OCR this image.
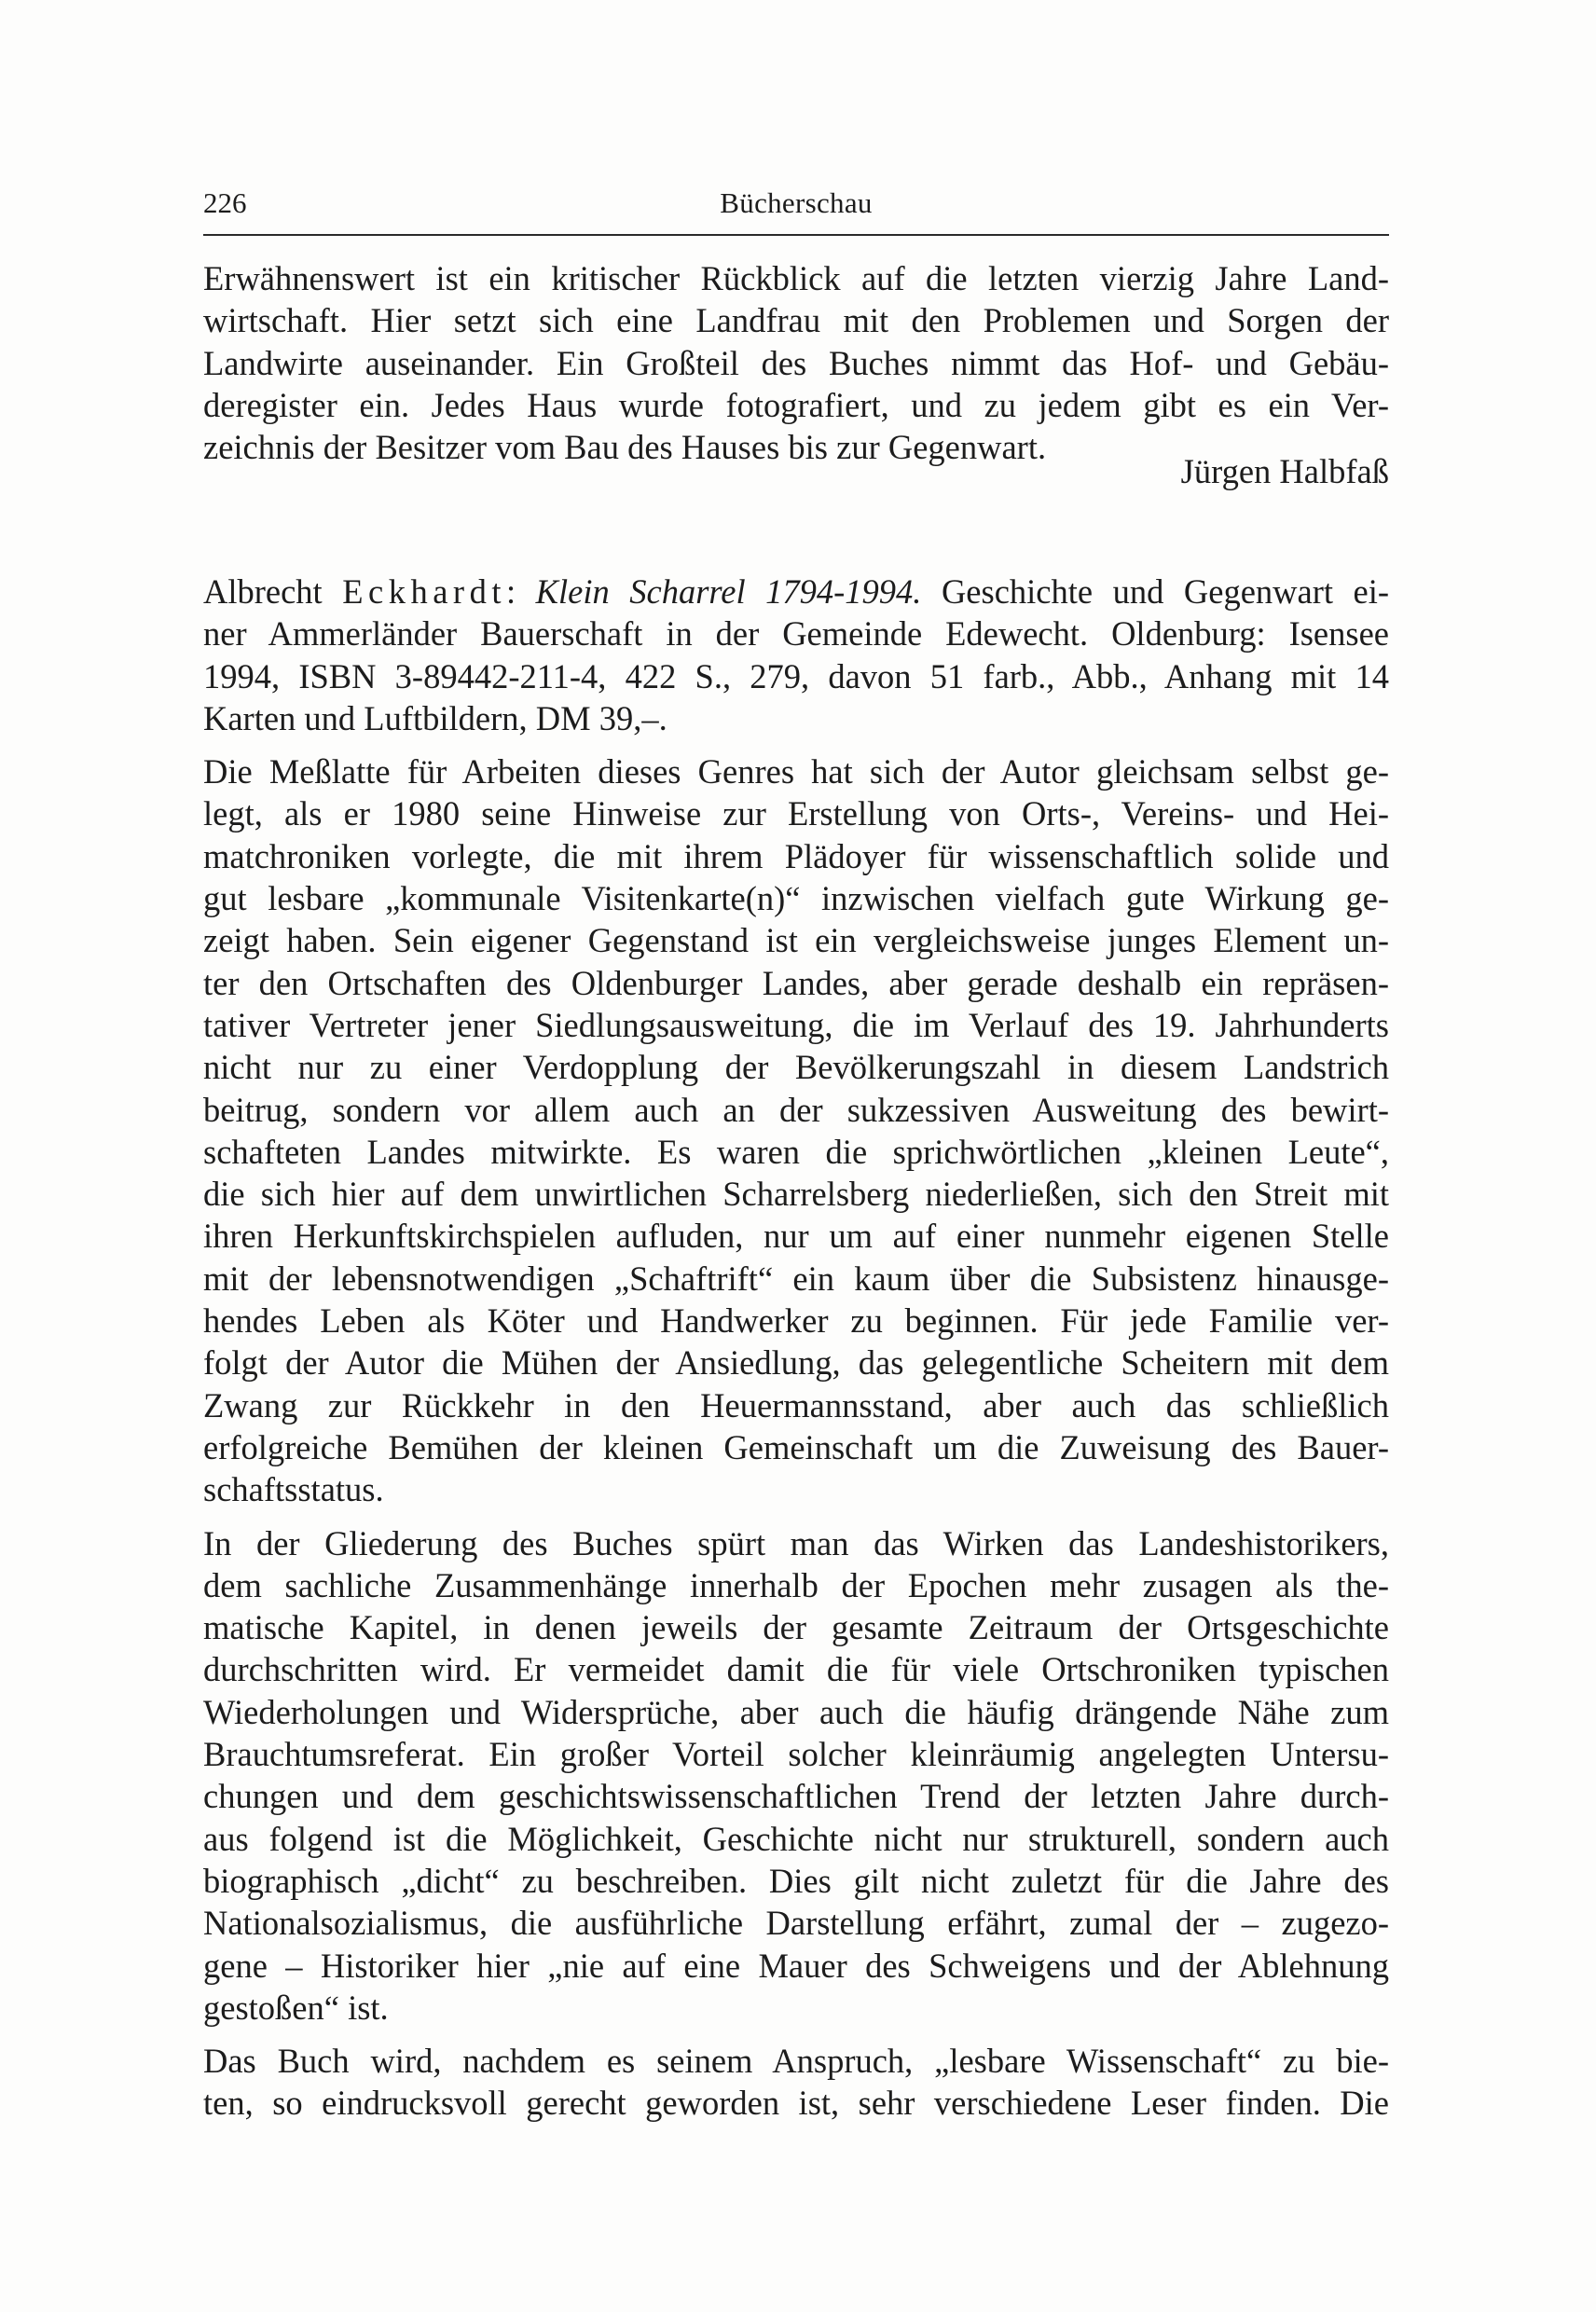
226	Bücherschau
Erwähnenswert ist ein kritischer Rückblick auf die letzten vierzig Jahre Land-
wirtschaft. Hier setzt sich eine Landfrau mit den Problemen und Sorgen der
Landwirte auseinander. Ein Großteil des Buches nimmt das Hof- und Gebäu-
deregister ein. Jedes Haus wurde fotografiert, und zu jedem gibt es ein Ver-
zeichnis der Besitzer vom Bau des Hauses bis zur Gegenwart.
Jürgen Halbfaß
Albrecht Eckhardt: Klein Scharrel 1794-1994. Geschichte und Gegenwart ei-
ner Ammerländer Bauerschaft in der Gemeinde Edewecht. Oldenburg: Isensee
1994, ISBN 3-89442-211-4, 422 S., 279, davon 51 farb., Abb., Anhang mit 14
Karten und Luftbildern, DM 39,–.
Die Meßlatte für Arbeiten dieses Genres hat sich der Autor gleichsam selbst ge-
legt, als er 1980 seine Hinweise zur Erstellung von Orts-, Vereins- und Hei-
matchroniken vorlegte, die mit ihrem Plädoyer für wissenschaftlich solide und
gut lesbare „kommunale Visitenkarte(n)“ inzwischen vielfach gute Wirkung ge-
zeigt haben. Sein eigener Gegenstand ist ein vergleichsweise junges Element un-
ter den Ortschaften des Oldenburger Landes, aber gerade deshalb ein repräsen-
tativer Vertreter jener Siedlungsausweitung, die im Verlauf des 19. Jahrhunderts
nicht nur zu einer Verdopplung der Bevölkerungszahl in diesem Landstrich
beitrug, sondern vor allem auch an der sukzessiven Ausweitung des bewirt-
schafteten Landes mitwirkte. Es waren die sprichwörtlichen „kleinen Leute“,
die sich hier auf dem unwirtlichen Scharrelsberg niederließen, sich den Streit mit
ihren Herkunftskirchspielen aufluden, nur um auf einer nunmehr eigenen Stelle
mit der lebensnotwendigen „Schaftrift“ ein kaum über die Subsistenz hinausge-
hendes Leben als Köter und Handwerker zu beginnen. Für jede Familie ver-
folgt der Autor die Mühen der Ansiedlung, das gelegentliche Scheitern mit dem
Zwang zur Rückkehr in den Heuermannsstand, aber auch das schließlich
erfolgreiche Bemühen der kleinen Gemeinschaft um die Zuweisung des Bauer-
schaftsstatus.
In der Gliederung des Buches spürt man das Wirken das Landeshistorikers,
dem sachliche Zusammenhänge innerhalb der Epochen mehr zusagen als the-
matische Kapitel, in denen jeweils der gesamte Zeitraum der Ortsgeschichte
durchschritten wird. Er vermeidet damit die für viele Ortschroniken typischen
Wiederholungen und Widersprüche, aber auch die häufig drängende Nähe zum
Brauchtumsreferat. Ein großer Vorteil solcher kleinräumig angelegten Untersu-
chungen und dem geschichtswissenschaftlichen Trend der letzten Jahre durch-
aus folgend ist die Möglichkeit, Geschichte nicht nur strukturell, sondern auch
biographisch „dicht“ zu beschreiben. Dies gilt nicht zuletzt für die Jahre des
Nationalsozialismus, die ausführliche Darstellung erfährt, zumal der – zugezo-
gene – Historiker hier „nie auf eine Mauer des Schweigens und der Ablehnung
gestoßen“ ist.
Das Buch wird, nachdem es seinem Anspruch, „lesbare Wissenschaft“ zu bie-
ten, so eindrucksvoll gerecht geworden ist, sehr verschiedene Leser finden. Die
